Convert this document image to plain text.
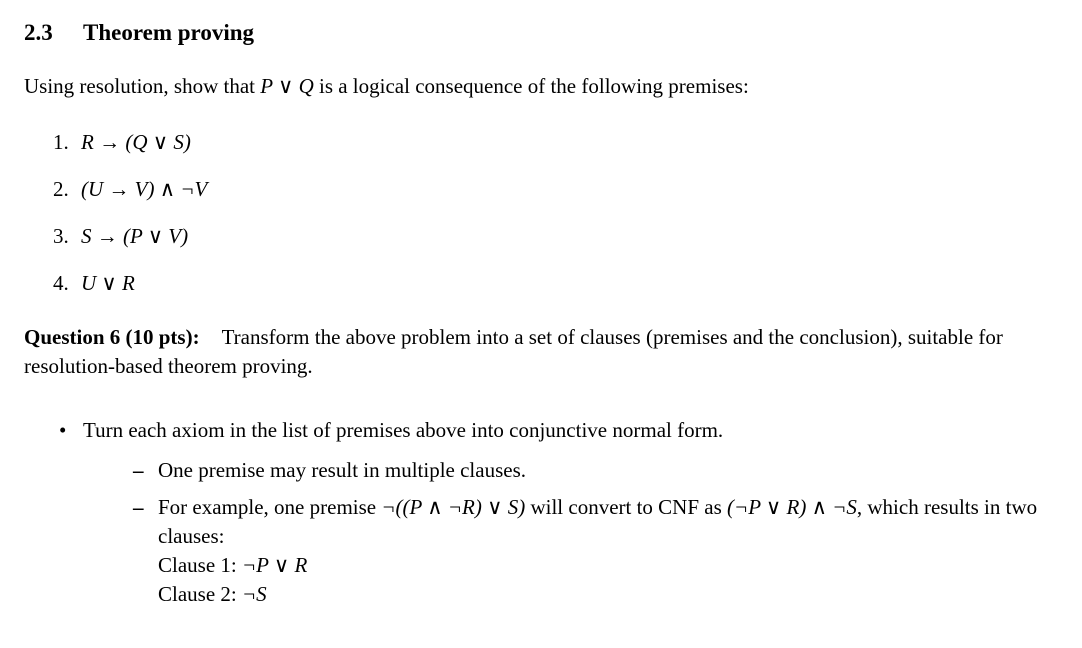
2.3 Theorem proving

Using resolution, show that P ∨ Q is a logical consequence of the following premises:

1. R → (Q ∨ S)
2. (U → V) ∧ ¬V
3. S → (P ∨ V)
4. U ∨ R

Question 6 (10 pts): Transform the above problem into a set of clauses (premises and the conclusion), suitable for resolution-based theorem proving.

• Turn each axiom in the list of premises above into conjunctive normal form.
– One premise may result in multiple clauses.
– For example, one premise ¬((P ∧ ¬R) ∨ S) will convert to CNF as (¬P ∨ R) ∧ ¬S, which results in two clauses:
Clause 1: ¬P ∨ R
Clause 2: ¬S
